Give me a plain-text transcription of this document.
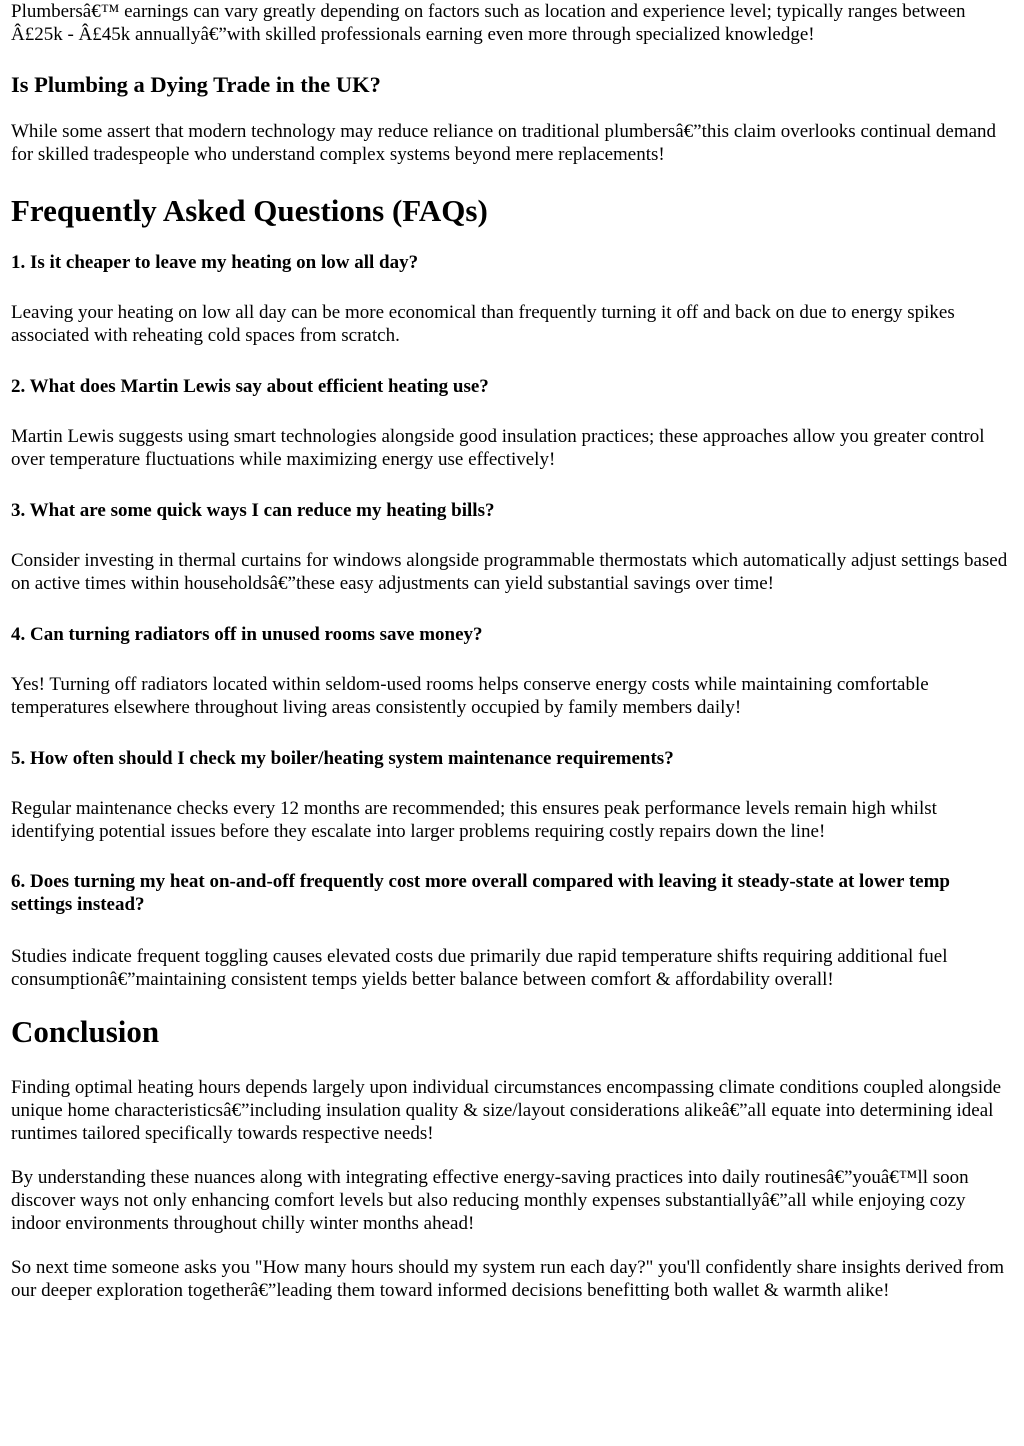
Plumbersâ€™ earnings can vary greatly depending on factors such as location and experience level; typically ranges between Â£25k - Â£45k annuallyâ€”with skilled professionals earning even more through specialized knowledge!

Is Plumbing a Dying Trade in the UK?

While some assert that modern technology may reduce reliance on traditional plumbersâ€”this claim overlooks continual demand for skilled tradespeople who understand complex systems beyond mere replacements!

Frequently Asked Questions (FAQs)
1. Is it cheaper to leave my heating on low all day?

Leaving your heating on low all day can be more economical than frequently turning it off and back on due to energy spikes associated with reheating cold spaces from scratch.

2. What does Martin Lewis say about efficient heating use?

Martin Lewis suggests using smart technologies alongside good insulation practices; these approaches allow you greater control over temperature fluctuations while maximizing energy use effectively!

3. What are some quick ways I can reduce my heating bills?

Consider investing in thermal curtains for windows alongside programmable thermostats which automatically adjust settings based on active times within householdsâ€”these easy adjustments can yield substantial savings over time!

4. Can turning radiators off in unused rooms save money?

Yes! Turning off radiators located within seldom-used rooms helps conserve energy costs while maintaining comfortable temperatures elsewhere throughout living areas consistently occupied by family members daily!

5. How often should I check my boiler/heating system maintenance requirements?

Regular maintenance checks every 12 months are recommended; this ensures peak performance levels remain high whilst identifying potential issues before they escalate into larger problems requiring costly repairs down the line!

6. Does turning my heat on-and-off frequently cost more overall compared with leaving it steady-state at lower temp settings instead?

Studies indicate frequent toggling causes elevated costs due primarily due rapid temperature shifts requiring additional fuel consumptionâ€”maintaining consistent temps yields better balance between comfort & affordability overall!

Conclusion

Finding optimal heating hours depends largely upon individual circumstances encompassing climate conditions coupled alongside unique home characteristicsâ€”including insulation quality & size/layout considerations alikeâ€”all equate into determining ideal runtimes tailored specifically towards respective needs!

By understanding these nuances along with integrating effective energy-saving practices into daily routinesâ€”youâ€™ll soon discover ways not only enhancing comfort levels but also reducing monthly expenses substantiallyâ€”all while enjoying cozy indoor environments throughout chilly winter months ahead!

So next time someone asks you "How many hours should my system run each day?" you'll confidently share insights derived from our deeper exploration togetherâ€”leading them toward informed decisions benefitting both wallet & warmth alike!
